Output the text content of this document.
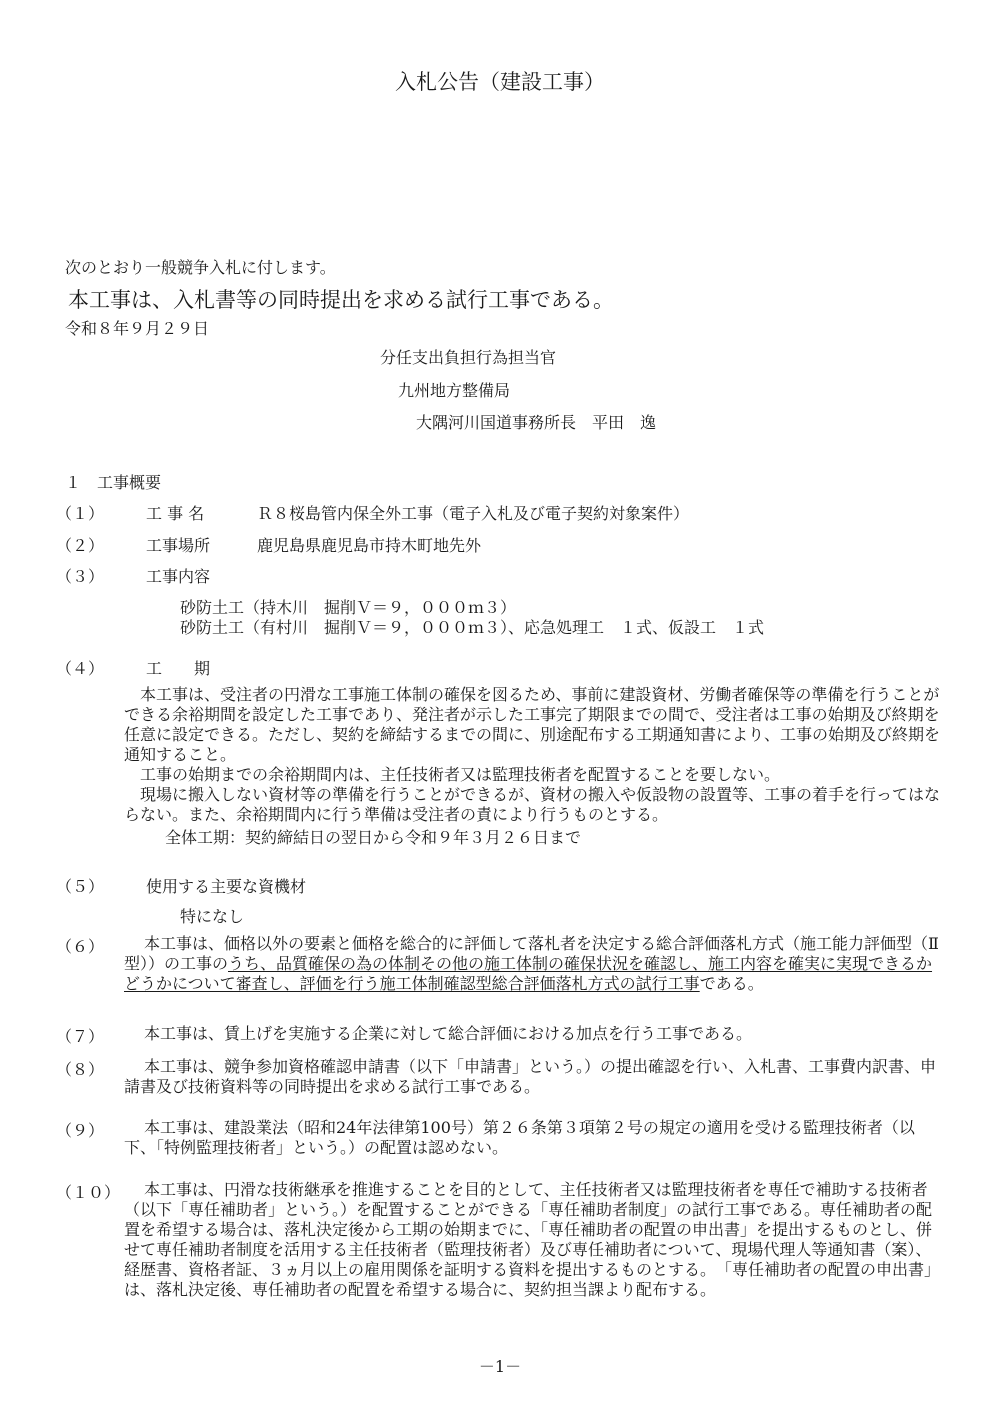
入札公告（建設工事）
次のとおり一般競争入札に付します。
本工事は、入札書等の同時提出を求める試行工事である。
令和８年９月２９日
分任支出負担行為担当官
九州地方整備局
大隅河川国道事務所長　平田　逸
１　工事概要
（１）	工 事 名	Ｒ８桜島管内保全外工事（電子入札及び電子契約対象案件）
（２）	工事場所	鹿児島県鹿児島市持木町地先外
（３）	工事内容
砂防土工（持木川　掘削Ｖ＝９，０００ｍ３）
砂防土工（有村川　掘削Ｖ＝９，０００ｍ３）、応急処理工　１式、仮設工　１式
（４）	工　　期
本工事は、受注者の円滑な工事施工体制の確保を図るため、事前に建設資材、労働者確保等の準備を行うことができる余裕期間を設定した工事であり、発注者が示した工事完了期限までの間で、受注者は工事の始期及び終期を任意に設定できる。ただし、契約を締結するまでの間に、別途配布する工期通知書により、工事の始期及び終期を通知すること。
工事の始期までの余裕期間内は、主任技術者又は監理技術者を配置することを要しない。
現場に搬入しない資材等の準備を行うことができるが、資材の搬入や仮設物の設置等、工事の着手を行ってはならない。また、余裕期間内に行う準備は受注者の責により行うものとする。
全体工期：契約締結日の翌日から令和９年３月２６日まで
（５）	使用する主要な資機材
特になし
（６）	本工事は、価格以外の要素と価格を総合的に評価して落札者を決定する総合評価落札方式（施工能力評価型（Ⅱ型））の工事のうち、品質確保の為の体制その他の施工体制の確保状況を確認し、施工内容を確実に実現できるかどうかについて審査し、評価を行う施工体制確認型総合評価落札方式の試行工事である。
（７）	本工事は、賃上げを実施する企業に対して総合評価における加点を行う工事である。
（８）	本工事は、競争参加資格確認申請書（以下「申請書」という。）の提出確認を行い、入札書、工事費内訳書、申請書及び技術資料等の同時提出を求める試行工事である。
（９）	本工事は、建設業法（昭和24年法律第100号）第２６条第３項第２号の規定の適用を受ける監理技術者（以下、「特例監理技術者」という。）の配置は認めない。
（１０）	本工事は、円滑な技術継承を推進することを目的として、主任技術者又は監理技術者を専任で補助する技術者（以下「専任補助者」という。）を配置することができる「専任補助者制度」の試行工事である。専任補助者の配置を希望する場合は、落札決定後から工期の始期までに、「専任補助者の配置の申出書」を提出するものとし、併せて専任補助者制度を活用する主任技術者（監理技術者）及び専任補助者について、現場代理人等通知書（案）、経歴書、資格者証、３ヵ月以上の雇用関係を証明する資料を提出するものとする。　「専任補助者の配置の申出書」は、落札決定後、専任補助者の配置を希望する場合に、契約担当課より配布する。
－1－
